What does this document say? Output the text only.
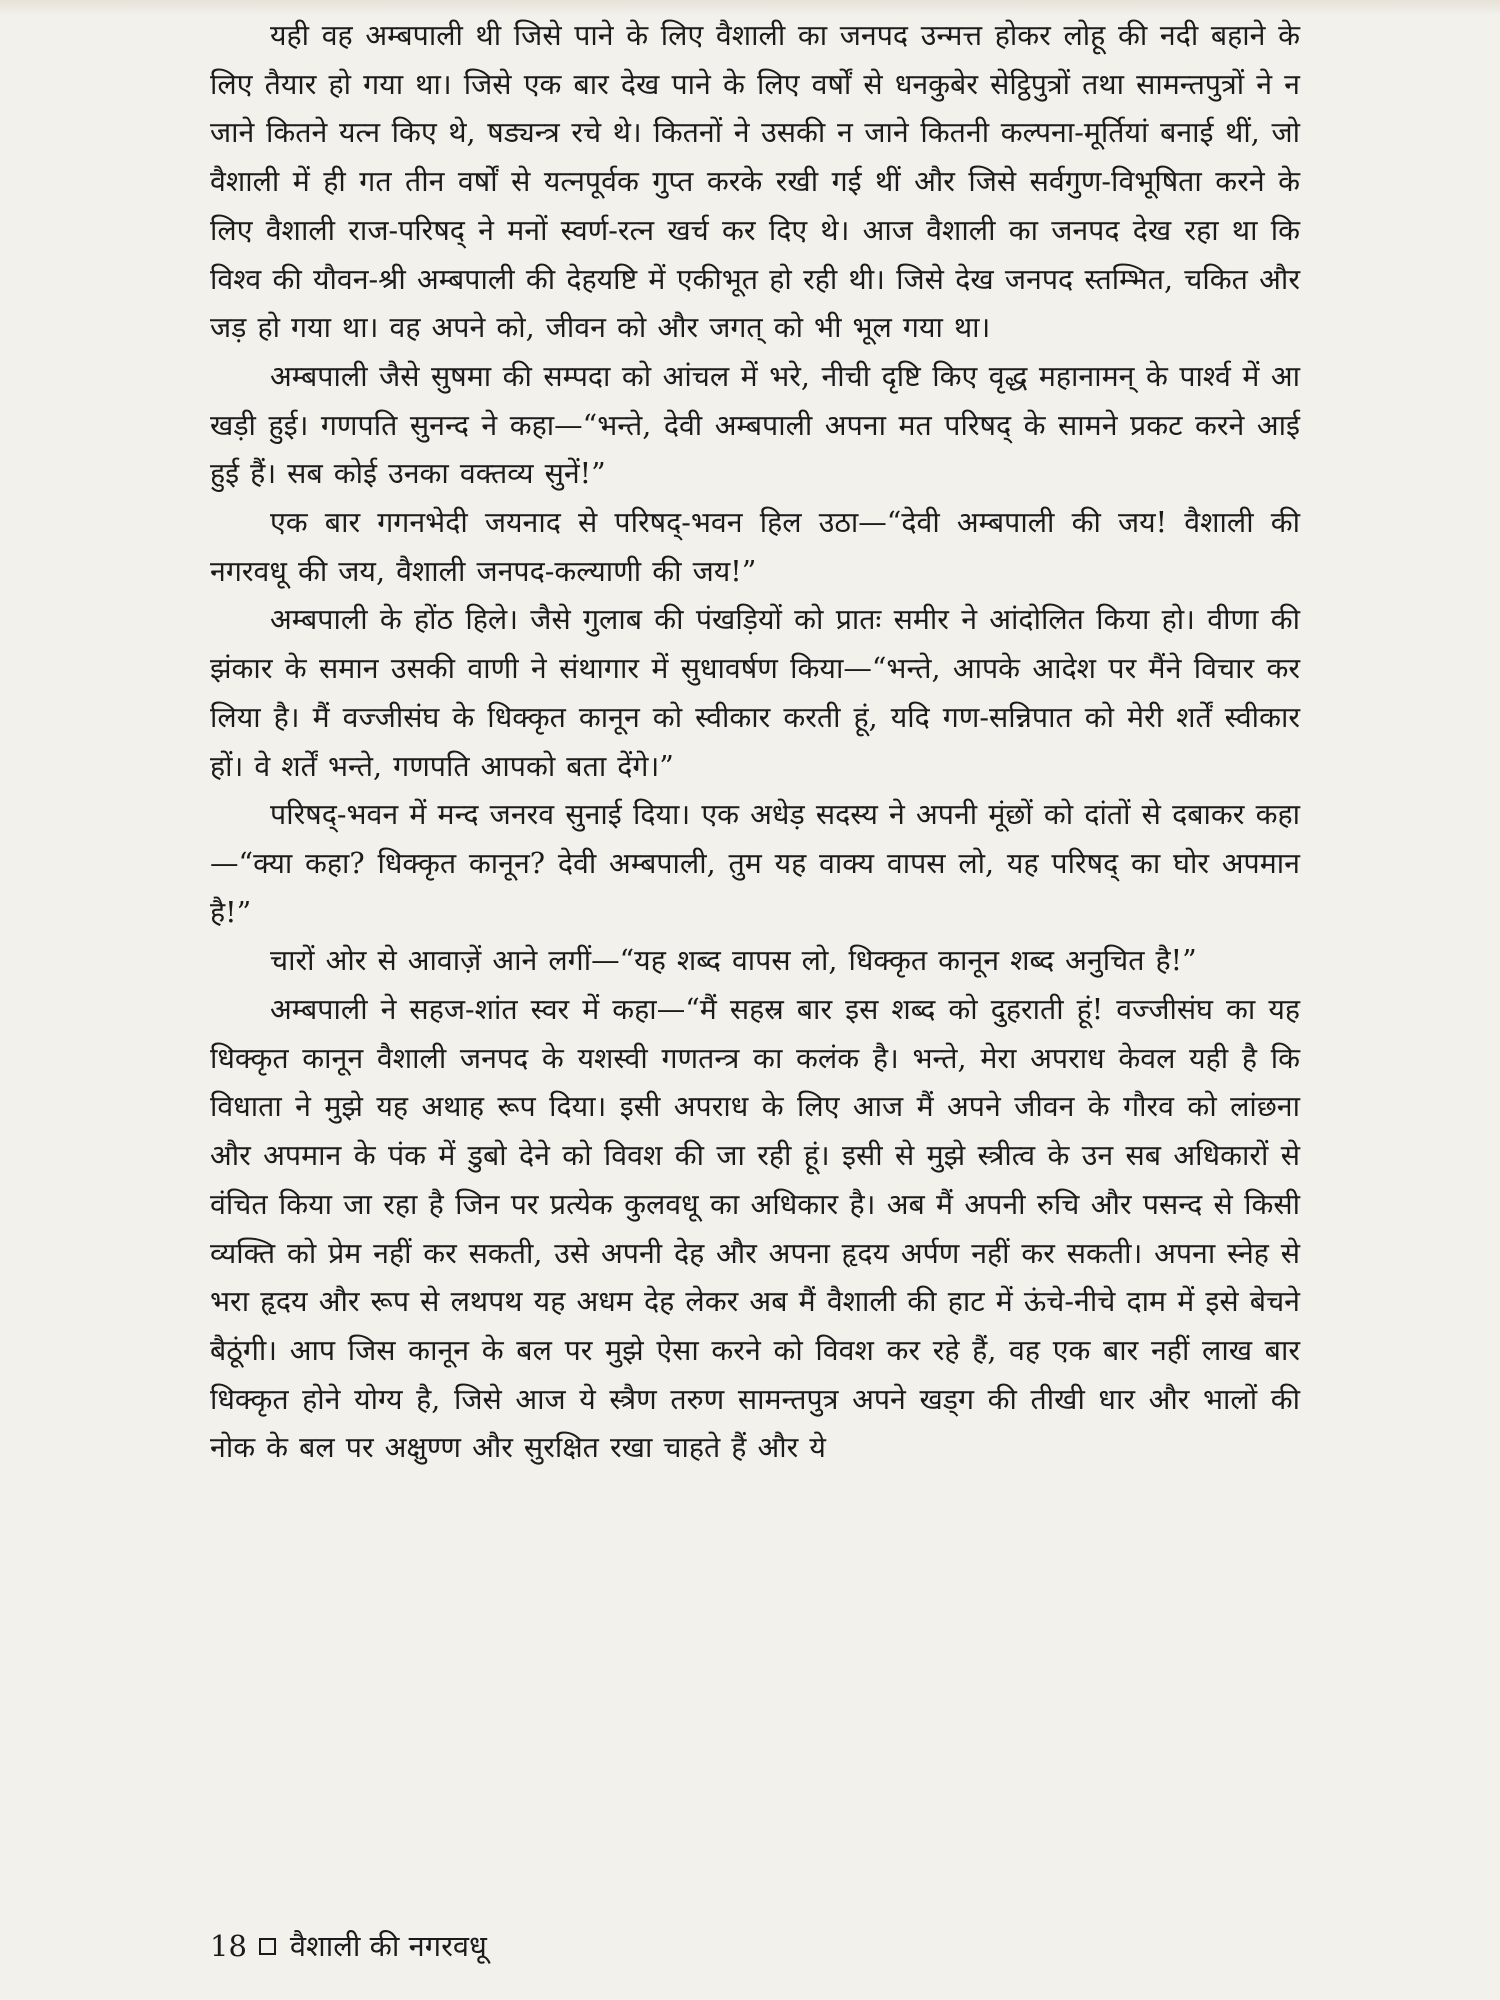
यही वह अम्बपाली थी जिसे पाने के लिए वैशाली का जनपद उन्मत्त होकर लोहू की नदी बहाने के लिए तैयार हो गया था। जिसे एक बार देख पाने के लिए वर्षों से धनकुबेर सेट्ठिपुत्रों तथा सामन्तपुत्रों ने न जाने कितने यत्न किए थे, षड्यन्त्र रचे थे। कितनों ने उसकी न जाने कितनी कल्पना-मूर्तियां बनाई थीं, जो वैशाली में ही गत तीन वर्षों से यत्नपूर्वक गुप्त करके रखी गई थीं और जिसे सर्वगुण-विभूषिता करने के लिए वैशाली राज-परिषद् ने मनों स्वर्ण-रत्न खर्च कर दिए थे। आज वैशाली का जनपद देख रहा था कि विश्व की यौवन-श्री अम्बपाली की देहयष्टि में एकीभूत हो रही थी। जिसे देख जनपद स्तम्भित, चकित और जड़ हो गया था। वह अपने को, जीवन को और जगत् को भी भूल गया था।

अम्बपाली जैसे सुषमा की सम्पदा को आंचल में भरे, नीची दृष्टि किए वृद्ध महानामन् के पार्श्व में आ खड़ी हुई। गणपति सुनन्द ने कहा—“भन्ते, देवी अम्बपाली अपना मत परिषद् के सामने प्रकट करने आई हुई हैं। सब कोई उनका वक्तव्य सुनें!”

एक बार गगनभेदी जयनाद से परिषद्-भवन हिल उठा—“देवी अम्बपाली की जय! वैशाली की नगरवधू की जय, वैशाली जनपद-कल्याणी की जय!”

अम्बपाली के होंठ हिले। जैसे गुलाब की पंखड़ियों को प्रातः समीर ने आंदोलित किया हो। वीणा की झंकार के समान उसकी वाणी ने संथागार में सुधावर्षण किया—“भन्ते, आपके आदेश पर मैंने विचार कर लिया है। मैं वज्जीसंघ के धिक्कृत कानून को स्वीकार करती हूं, यदि गण-सन्निपात को मेरी शर्तें स्वीकार हों। वे शर्तें भन्ते, गणपति आपको बता देंगे।”

परिषद्-भवन में मन्द जनरव सुनाई दिया। एक अधेड़ सदस्य ने अपनी मूंछों को दांतों से दबाकर कहा—“क्या कहा? धिक्कृत कानून? देवी अम्बपाली, तुम यह वाक्य वापस लो, यह परिषद् का घोर अपमान है!”

चारों ओर से आवाज़ें आने लगीं—“यह शब्द वापस लो, धिक्कृत कानून शब्द अनुचित है!”

अम्बपाली ने सहज-शांत स्वर में कहा—“मैं सहस्र बार इस शब्द को दुहराती हूं! वज्जीसंघ का यह धिक्कृत कानून वैशाली जनपद के यशस्वी गणतन्त्र का कलंक है। भन्ते, मेरा अपराध केवल यही है कि विधाता ने मुझे यह अथाह रूप दिया। इसी अपराध के लिए आज मैं अपने जीवन के गौरव को लांछना और अपमान के पंक में डुबो देने को विवश की जा रही हूं। इसी से मुझे स्त्रीत्व के उन सब अधिकारों से वंचित किया जा रहा है जिन पर प्रत्येक कुलवधू का अधिकार है। अब मैं अपनी रुचि और पसन्द से किसी व्यक्ति को प्रेम नहीं कर सकती, उसे अपनी देह और अपना हृदय अर्पण नहीं कर सकती। अपना स्नेह से भरा हृदय और रूप से लथपथ यह अधम देह लेकर अब मैं वैशाली की हाट में ऊंचे-नीचे दाम में इसे बेचने बैठूंगी। आप जिस कानून के बल पर मुझे ऐसा करने को विवश कर रहे हैं, वह एक बार नहीं लाख बार धिक्कृत होने योग्य है, जिसे आज ये स्त्रैण तरुण सामन्तपुत्र अपने खड्ग की तीखी धार और भालों की नोक के बल पर अक्षुण्ण और सुरक्षित रखा चाहते हैं और ये

18 वैशाली की नगरवधू
